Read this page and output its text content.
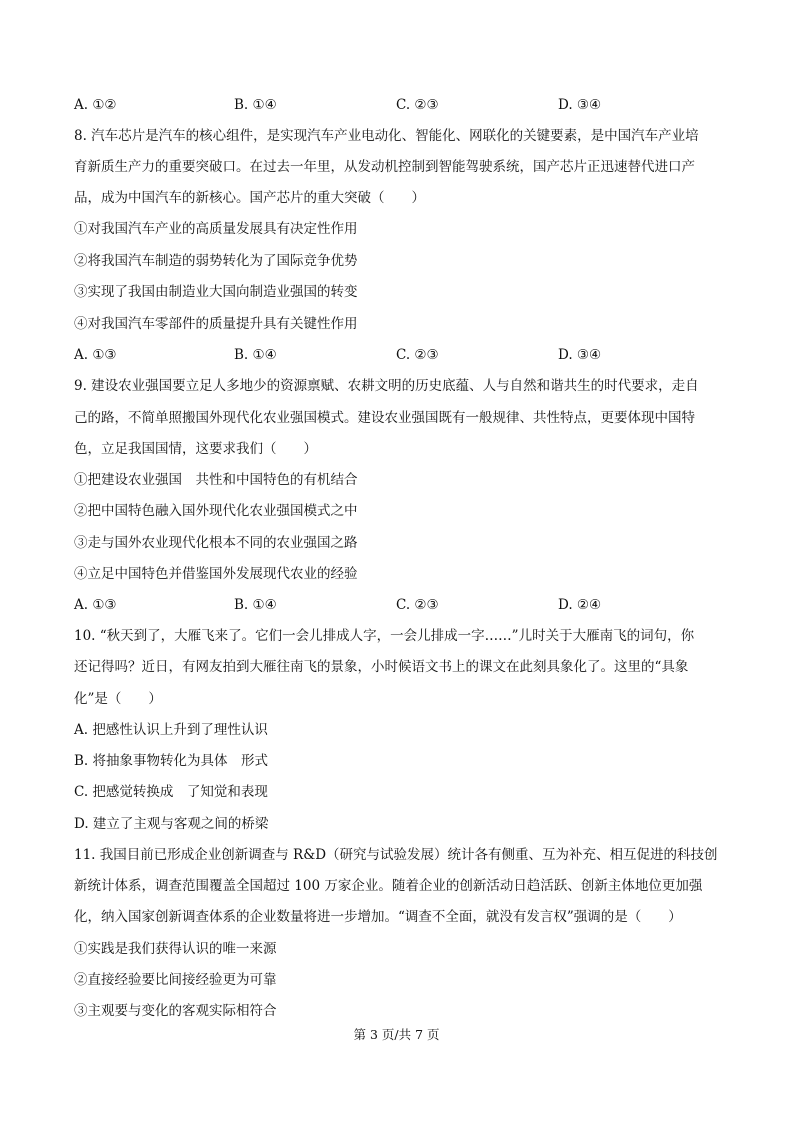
A. ①②	B. ①④	C. ②③	D. ③④
8. 汽车芯片是汽车的核心组件，是实现汽车产业电动化、智能化、网联化的关键要素，是中国汽车产业培
育新质生产力的重要突破口。在过去一年里，从发动机控制到智能驾驶系统，国产芯片正迅速替代进口产
品，成为中国汽车的新核心。国产芯片的重大突破（　　）
①对我国汽车产业的高质量发展具有决定性作用
②将我国汽车制造的弱势转化为了国际竞争优势
③实现了我国由制造业大国向制造业强国的转变
④对我国汽车零部件的质量提升具有关键性作用
A. ①③	B. ①④	C. ②③	D. ③④
9. 建设农业强国要立足人多地少的资源禀赋、农耕文明的历史底蕴、人与自然和谐共生的时代要求，走自
己的路，不简单照搬国外现代化农业强国模式。建设农业强国既有一般规律、共性特点，更要体现中国特
色，立足我国国情，这要求我们（　　）
①把建设农业强国　共性和中国特色的有机结合
②把中国特色融入国外现代化农业强国模式之中
③走与国外农业现代化根本不同的农业强国之路
④立足中国特色并借鉴国外发展现代农业的经验
A. ①③	B. ①④	C. ②③	D. ②④
10. “秋天到了，大雁飞来了。它们一会儿排成人字，一会儿排成一字……”儿时关于大雁南飞的词句，你
还记得吗？近日，有网友拍到大雁往南飞的景象，小时候语文书上的课文在此刻具象化了。这里的“具象
化”是（　　）
A. 把感性认识上升到了理性认识
B. 将抽象事物转化为具体　形式
C. 把感觉转换成　了知觉和表现
D. 建立了主观与客观之间的桥梁
11. 我国目前已形成企业创新调查与 R&D（研究与试验发展）统计各有侧重、互为补充、相互促进的科技创
新统计体系，调查范围覆盖全国超过 100 万家企业。随着企业的创新活动日趋活跃、创新主体地位更加强
化，纳入国家创新调查体系的企业数量将进一步增加。“调查不全面，就没有发言权”强调的是（　　）
①实践是我们获得认识的唯一来源
②直接经验要比间接经验更为可靠
③主观要与变化的客观实际相符合
第 3 页/共 7 页
